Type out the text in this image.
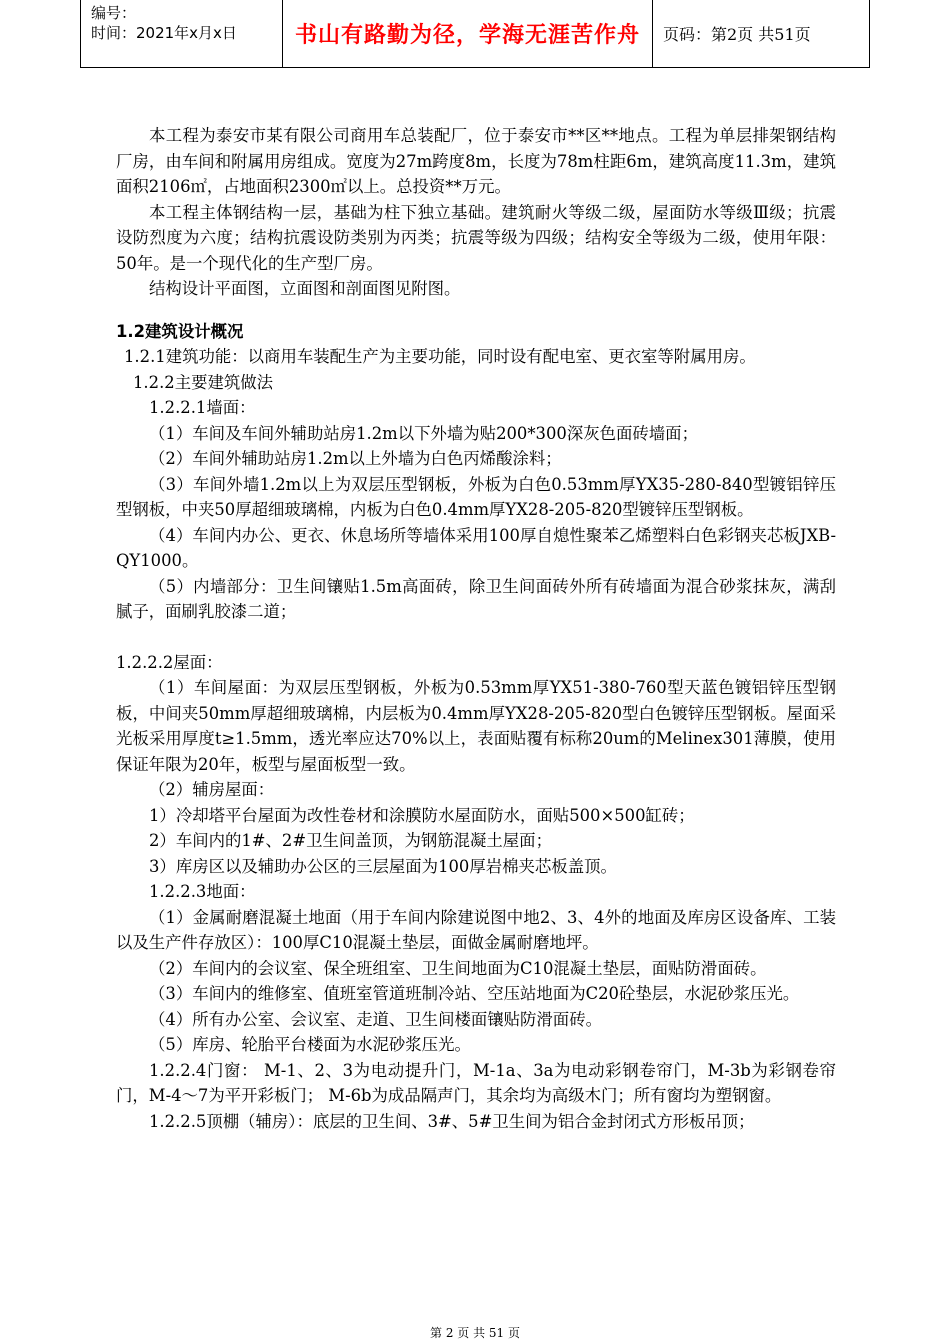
编号：
时间：2021年x月x日	书山有路勤为径，学海无涯苦作舟	页码：第2页 共51页

本工程为泰安市某有限公司商用车总装配厂，位于泰安市**区**地点。工程为单层排架钢结构厂房，由车间和附属用房组成。宽度为27m跨度8m，长度为78m柱距6m，建筑高度11.3m，建筑面积2106㎡，占地面积2300㎡以上。总投资**万元。

本工程主体钢结构一层，基础为柱下独立基础。建筑耐火等级二级，屋面防水等级Ⅲ级；抗震设防烈度为六度；结构抗震设防类别为丙类；抗震等级为四级；结构安全等级为二级，使用年限：50年。是一个现代化的生产型厂房。

结构设计平面图，立面图和剖面图见附图。

1.2建筑设计概况

1.2.1建筑功能：以商用车装配生产为主要功能，同时设有配电室、更衣室等附属用房。

1.2.2主要建筑做法

1.2.2.1墙面：

（1）车间及车间外辅助站房1.2m以下外墙为贴200*300深灰色面砖墙面；

（2）车间外辅助站房1.2m以上外墙为白色丙烯酸涂料；

（3）车间外墙1.2m以上为双层压型钢板，外板为白色0.53mm厚YX35-280-840型镀铝锌压型钢板，中夹50厚超细玻璃棉，内板为白色0.4mm厚YX28-205-820型镀锌压型钢板。

（4）车间内办公、更衣、休息场所等墙体采用100厚自熄性聚苯乙烯塑料白色彩钢夹芯板JXB-QY1000。

（5）内墙部分：卫生间镶贴1.5m高面砖，除卫生间面砖外所有砖墙面为混合砂浆抹灰，满刮腻子，面刷乳胶漆二道；

1.2.2.2屋面：

（1）车间屋面：为双层压型钢板，外板为0.53mm厚YX51-380-760型天蓝色镀铝锌压型钢板，中间夹50mm厚超细玻璃棉，内层板为0.4mm厚YX28-205-820型白色镀锌压型钢板。屋面采光板采用厚度t≥1.5mm，透光率应达70%以上，表面贴覆有标称20um的Melinex301薄膜，使用保证年限为20年，板型与屋面板型一致。

（2）辅房屋面：

1）冷却塔平台屋面为改性卷材和涂膜防水屋面防水，面贴500×500缸砖；

2）车间内的1#、2#卫生间盖顶，为钢筋混凝土屋面；

3）库房区以及辅助办公区的三层屋面为100厚岩棉夹芯板盖顶。

1.2.2.3地面：

（1）金属耐磨混凝土地面（用于车间内除建说图中地2、3、4外的地面及库房区设备库、工装以及生产件存放区）：100厚C10混凝土垫层，面做金属耐磨地坪。

（2）车间内的会议室、保全班组室、卫生间地面为C10混凝土垫层，面贴防滑面砖。

（3）车间内的维修室、值班室管道班制冷站、空压站地面为C20砼垫层，水泥砂浆压光。

（4）所有办公室、会议室、走道、卫生间楼面镶贴防滑面砖。

（5）库房、轮胎平台楼面为水泥砂浆压光。

1.2.2.4门窗： M-1、2、3为电动提升门，M-1a、3a为电动彩钢卷帘门，M-3b为彩钢卷帘门，M-4～7为平开彩板门； M-6b为成品隔声门，其余均为高级木门；所有窗均为塑钢窗。

1.2.2.5顶棚（辅房）：底层的卫生间、3#、5#卫生间为铝合金封闭式方形板吊顶；

第 2 页 共 51 页
